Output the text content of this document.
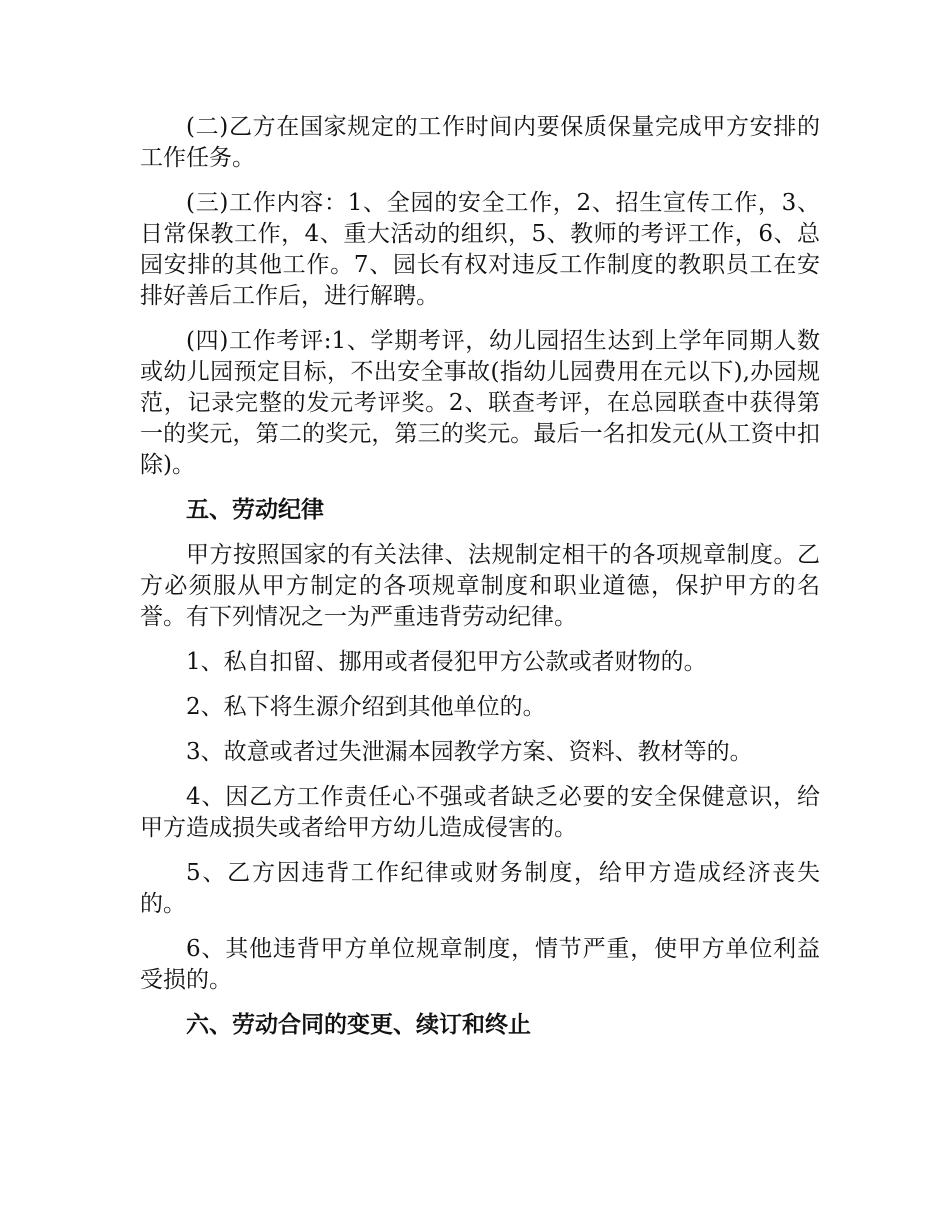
(二)乙方在国家规定的工作时间内要保质保量完成甲方安排的工作任务。

(三)工作内容：1、全园的安全工作，2、招生宣传工作，3、日常保教工作，4、重大活动的组织，5、教师的考评工作，6、总园安排的其他工作。7、园长有权对违反工作制度的教职员工在安排好善后工作后，进行解聘。

(四)工作考评:1、学期考评，幼儿园招生达到上学年同期人数或幼儿园预定目标，不出安全事故(指幼儿园费用在元以下),办园规范，记录完整的发元考评奖。2、联查考评，在总园联查中获得第一的奖元，第二的奖元，第三的奖元。最后一名扣发元(从工资中扣除)。

五、劳动纪律

甲方按照国家的有关法律、法规制定相干的各项规章制度。乙方必须服从甲方制定的各项规章制度和职业道德，保护甲方的名誉。有下列情况之一为严重违背劳动纪律。

1、私自扣留、挪用或者侵犯甲方公款或者财物的。

2、私下将生源介绍到其他单位的。

3、故意或者过失泄漏本园教学方案、资料、教材等的。

4、因乙方工作责任心不强或者缺乏必要的安全保健意识，给甲方造成损失或者给甲方幼儿造成侵害的。

5、乙方因违背工作纪律或财务制度，给甲方造成经济丧失的。

6、其他违背甲方单位规章制度，情节严重，使甲方单位利益受损的。

六、劳动合同的变更、续订和终止
